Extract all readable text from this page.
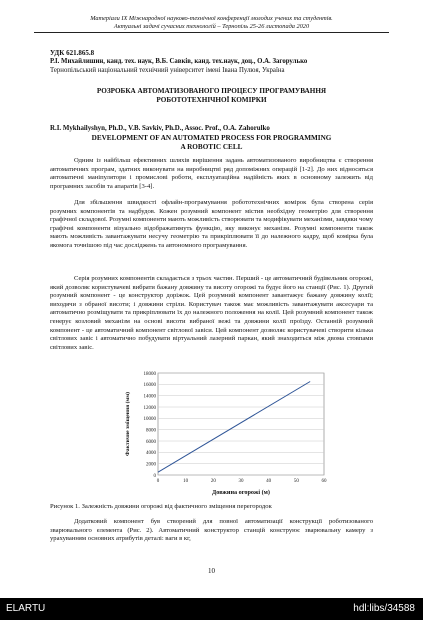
Матеріали IX Міжнародної науково-технічної конференції молодих учених та студентів.
Актуальні задачі сучасних технологій – Тернопіль 25-26 листопада 2020
УДК 621.865.8
Р.І. Михайлишин, канд. тех. наук, В.Б. Савків, канд. тех.наук, доц., О.А. Загорулько
Тернопільський національний технічний університет імені Івана Пулюя, Україна
РОЗРОБКА АВТОМАТИЗОВАНОГО ПРОЦЕСУ ПРОГРАМУВАННЯ
РОБОТОТЕХНІЧНОЇ КОМІРКИ
R.I. Mykhailyshyn, Ph.D., V.B. Savkiv, Ph.D., Assoc. Prof., O.A. Zahorulko
DEVELOPMENT OF AN AUTOMATED PROCESS FOR PROGRAMMING
A ROBOTIC CELL
Одним із найбільш ефективних шляхів вирішення задань автоматизованого виробництва є створення автоматичних програм, здатних виконувати на виробництві ряд допоміжних операцій [1-2]. До них відносяться автоматичні маніпулятори і промислові роботи, експлуатаційна надійність яких в основному залежить від програмних засобів та апаратів [3-4].
Для збільшення швидкості офлайн-програмування робототехнічних комірок була створена серія розумних компонентів та надбудов. Кожен розумний компонент містив необхідну геометрію для створення графічної складової. Розумні компоненти мають можливість створювати та модифікувати механізми, завдяки чому графічні компоненти візуально відображатимуть функцію, яку виконує механізм. Розумні компоненти також мають можливість завантажувати несучу геометрію та прикріплювати її до належного кадру, щоб комірка була якомога точнішою під час досліджень та автономного програмування.
Серія розумних компонентів складається з трьох частин. Перший - це автоматичний будівельник огорожі, який дозволяє користувачеві вибрати бажану довжину та висоту огорожі та будує його на станції (Рис. 1). Другий розумний компонент - це конструктор доріжок. Цей розумний компонент завантажує бажану довжину колії; виходячи з обраної висоти; і довжини стріли. Користувач також має можливість завантажувати аксесуари та автоматично розміщувати та прикріплювати їх до належного положення на колії. Цей розумний компонент також генерує козловий механізм на основі висоти вибраної вежі та довжини колії проїзду. Останній розумний компонент - це автоматичний компонент світлової завіси. Цей компонент дозволяє користувачеві створити кілька світлових завіс і автоматично побудувати віртуальний лазерний паркан, який знаходиться між двома стовпами світлових завіс.
0
2000
4000
6000
8000
10000
12000
14000
16000
18000
0	10	20	30	40	50	60
Довжина огорожі (м)
Фактичне зміщення (мм)
Рисунок 1. Залежність довжини огорожі від фактичного зміщення перегородок
Додатковий компонент був створений для повної автоматизації конструкції роботизованого зварювального елемента (Рис. 2). Автоматичний конструктор станцій конструює зварювальну камеру з урахуванням основних атрибутів деталі: ваги в кг,
10
ELARTU	hdl:libs/34588
